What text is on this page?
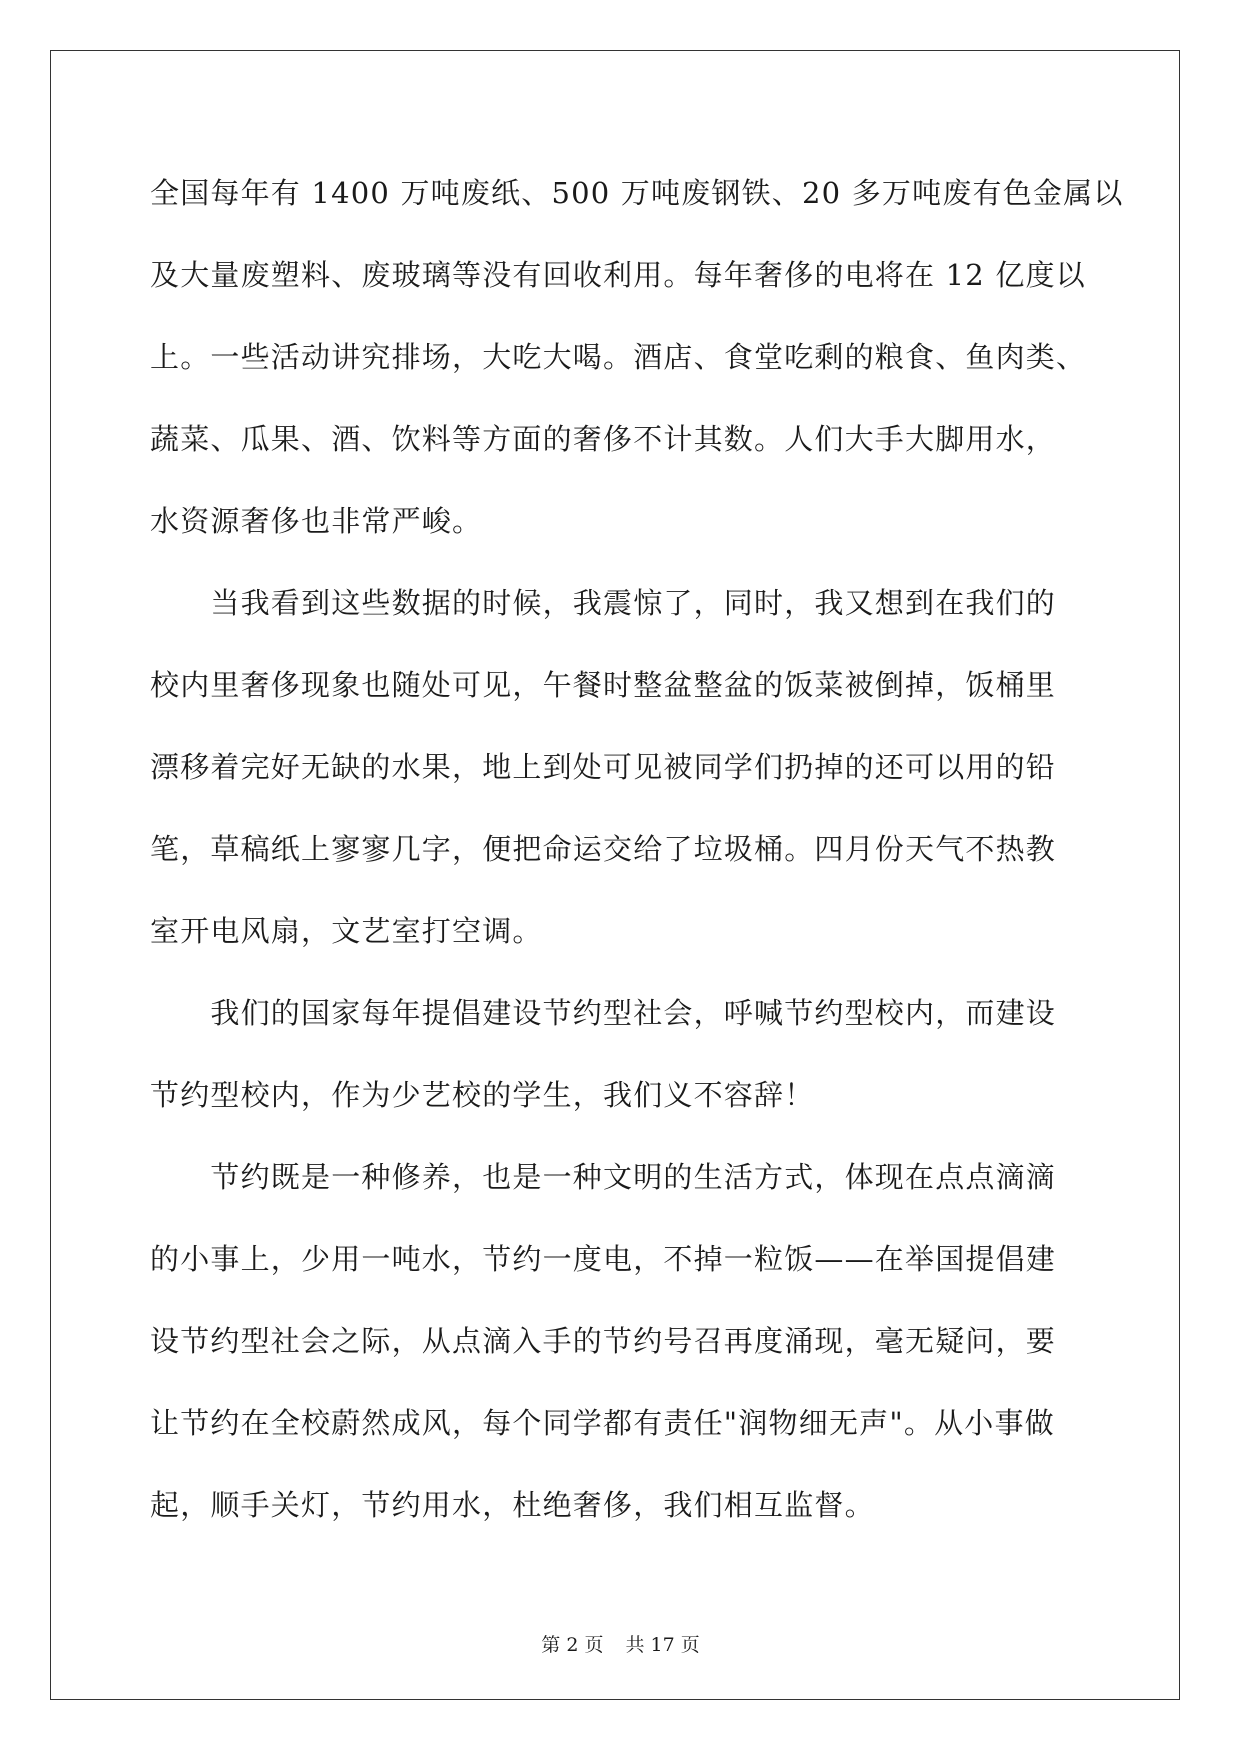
全国每年有 1400 万吨废纸、500 万吨废钢铁、20 多万吨废有色金属以
及大量废塑料、废玻璃等没有回收利用。每年奢侈的电将在 12 亿度以
上。一些活动讲究排场，大吃大喝。酒店、食堂吃剩的粮食、鱼肉类、
蔬菜、瓜果、酒、饮料等方面的奢侈不计其数。人们大手大脚用水，
水资源奢侈也非常严峻。
　　当我看到这些数据的时候，我震惊了，同时，我又想到在我们的
校内里奢侈现象也随处可见，午餐时整盆整盆的饭菜被倒掉，饭桶里
漂移着完好无缺的水果，地上到处可见被同学们扔掉的还可以用的铅
笔，草稿纸上寥寥几字，便把命运交给了垃圾桶。四月份天气不热教
室开电风扇，文艺室打空调。
　　我们的国家每年提倡建设节约型社会，呼喊节约型校内，而建设
节约型校内，作为少艺校的学生，我们义不容辞！
　　节约既是一种修养，也是一种文明的生活方式，体现在点点滴滴
的小事上，少用一吨水，节约一度电，不掉一粒饭——在举国提倡建
设节约型社会之际，从点滴入手的节约号召再度涌现，毫无疑问，要
让节约在全校蔚然成风，每个同学都有责任"润物细无声"。从小事做
起，顺手关灯，节约用水，杜绝奢侈，我们相互监督。
第 2 页 共 17 页
